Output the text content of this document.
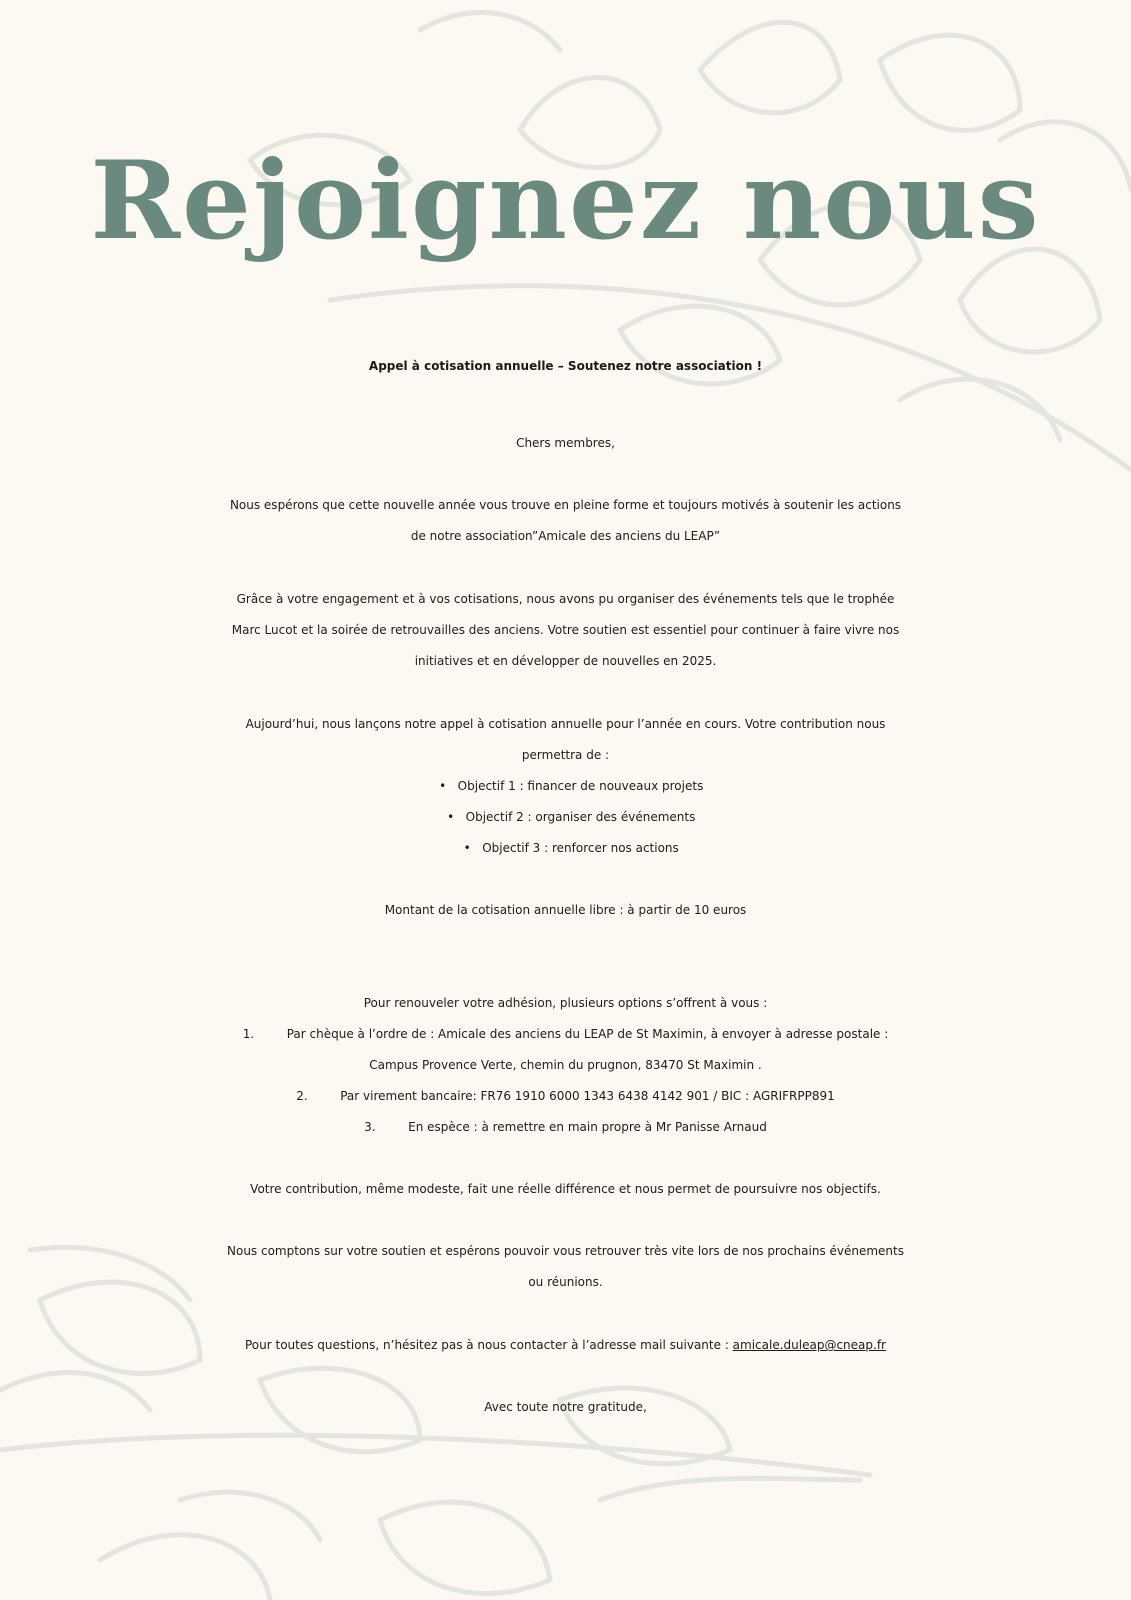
Rejoignez nous

Appel à cotisation annuelle – Soutenez notre association !

Chers membres,

Nous espérons que cette nouvelle année vous trouve en pleine forme et toujours motivés à soutenir les actions

de notre association”Amicale des anciens du LEAP”

Grâce à votre engagement et à vos cotisations, nous avons pu organiser des événements tels que le trophée

Marc Lucot et la soirée de retrouvailles des anciens. Votre soutien est essentiel pour continuer à faire vivre nos

initiatives et en développer de nouvelles en 2025.

Aujourd’hui, nous lançons notre appel à cotisation annuelle pour l’année en cours. Votre contribution nous

permettra de :

• Objectif 1 : financer de nouveaux projets

• Objectif 2 : organiser des événements

• Objectif 3 : renforcer nos actions

Montant de la cotisation annuelle libre : à partir de 10 euros

Pour renouveler votre adhésion, plusieurs options s’offrent à vous :

1.	Par chèque à l’ordre de : Amicale des anciens du LEAP de St Maximin, à envoyer à adresse postale :

Campus Provence Verte, chemin du prugnon, 83470 St Maximin .

2.	Par virement bancaire: FR76 1910 6000 1343 6438 4142 901 / BIC : AGRIFRPP891

3.	En espèce : à remettre en main propre à Mr Panisse Arnaud

Votre contribution, même modeste, fait une réelle différence et nous permet de poursuivre nos objectifs.

Nous comptons sur votre soutien et espérons pouvoir vous retrouver très vite lors de nos prochains événements

ou réunions.

Pour toutes questions, n’hésitez pas à nous contacter à l’adresse mail suivante : amicale.duleap@cneap.fr

Avec toute notre gratitude,
